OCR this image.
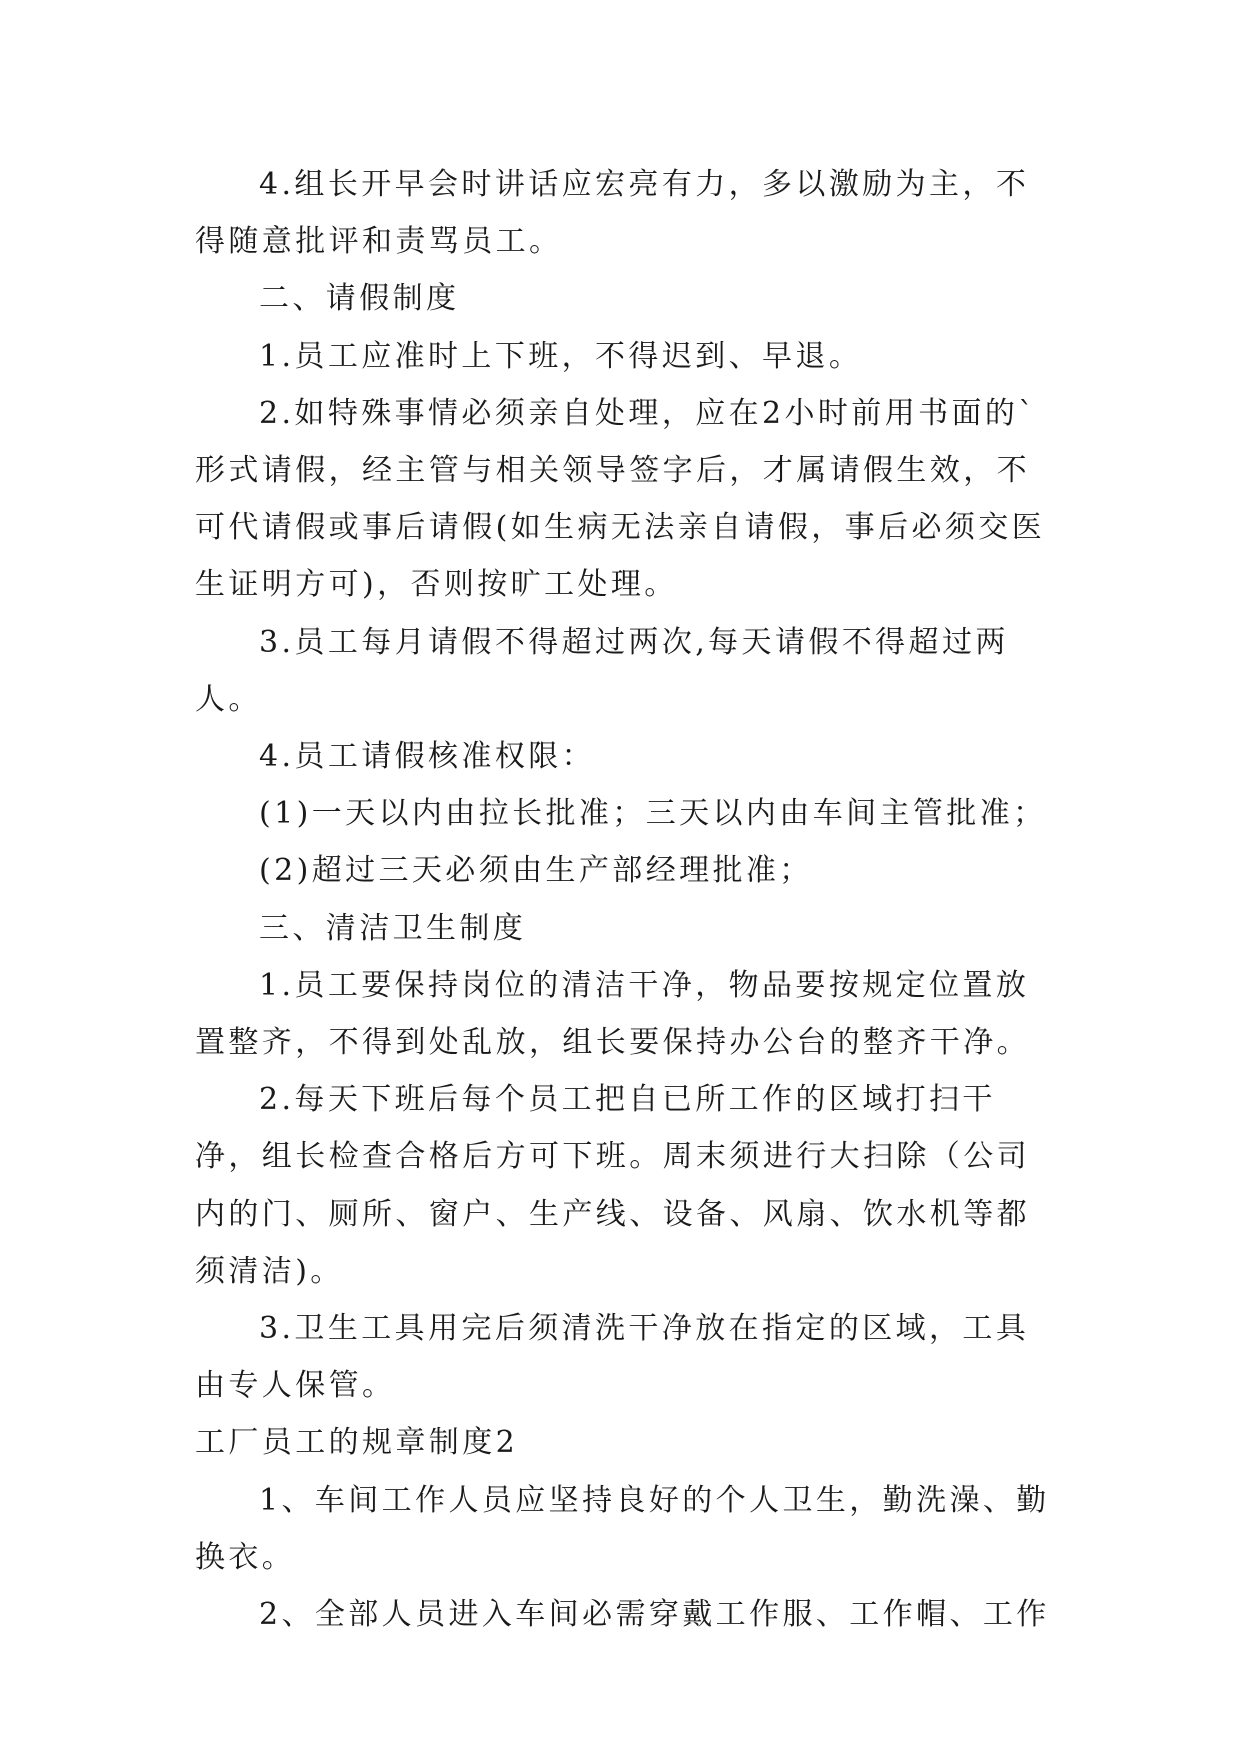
4.组长开早会时讲话应宏亮有力，多以激励为主，不得随意批评和责骂员工。

二、请假制度

1.员工应准时上下班，不得迟到、早退。

2.如特殊事情必须亲自处理，应在2小时前用书面的`形式请假，经主管与相关领导签字后，才属请假生效，不可代请假或事后请假(如生病无法亲自请假，事后必须交医生证明方可)，否则按旷工处理。

3.员工每月请假不得超过两次,每天请假不得超过两人。

4.员工请假核准权限：

(1)一天以内由拉长批准；三天以内由车间主管批准；

(2)超过三天必须由生产部经理批准；

三、清洁卫生制度

1.员工要保持岗位的清洁干净，物品要按规定位置放置整齐，不得到处乱放，组长要保持办公台的整齐干净。

2.每天下班后每个员工把自已所工作的区域打扫干净，组长检查合格后方可下班。周末须进行大扫除（公司内的门、厕所、窗户、生产线、设备、风扇、饮水机等都须清洁)。

3.卫生工具用完后须清洗干净放在指定的区域，工具由专人保管。

工厂员工的规章制度2

1、车间工作人员应坚持良好的个人卫生，勤洗澡、勤换衣。

2、全部人员进入车间必需穿戴工作服、工作帽、工作
